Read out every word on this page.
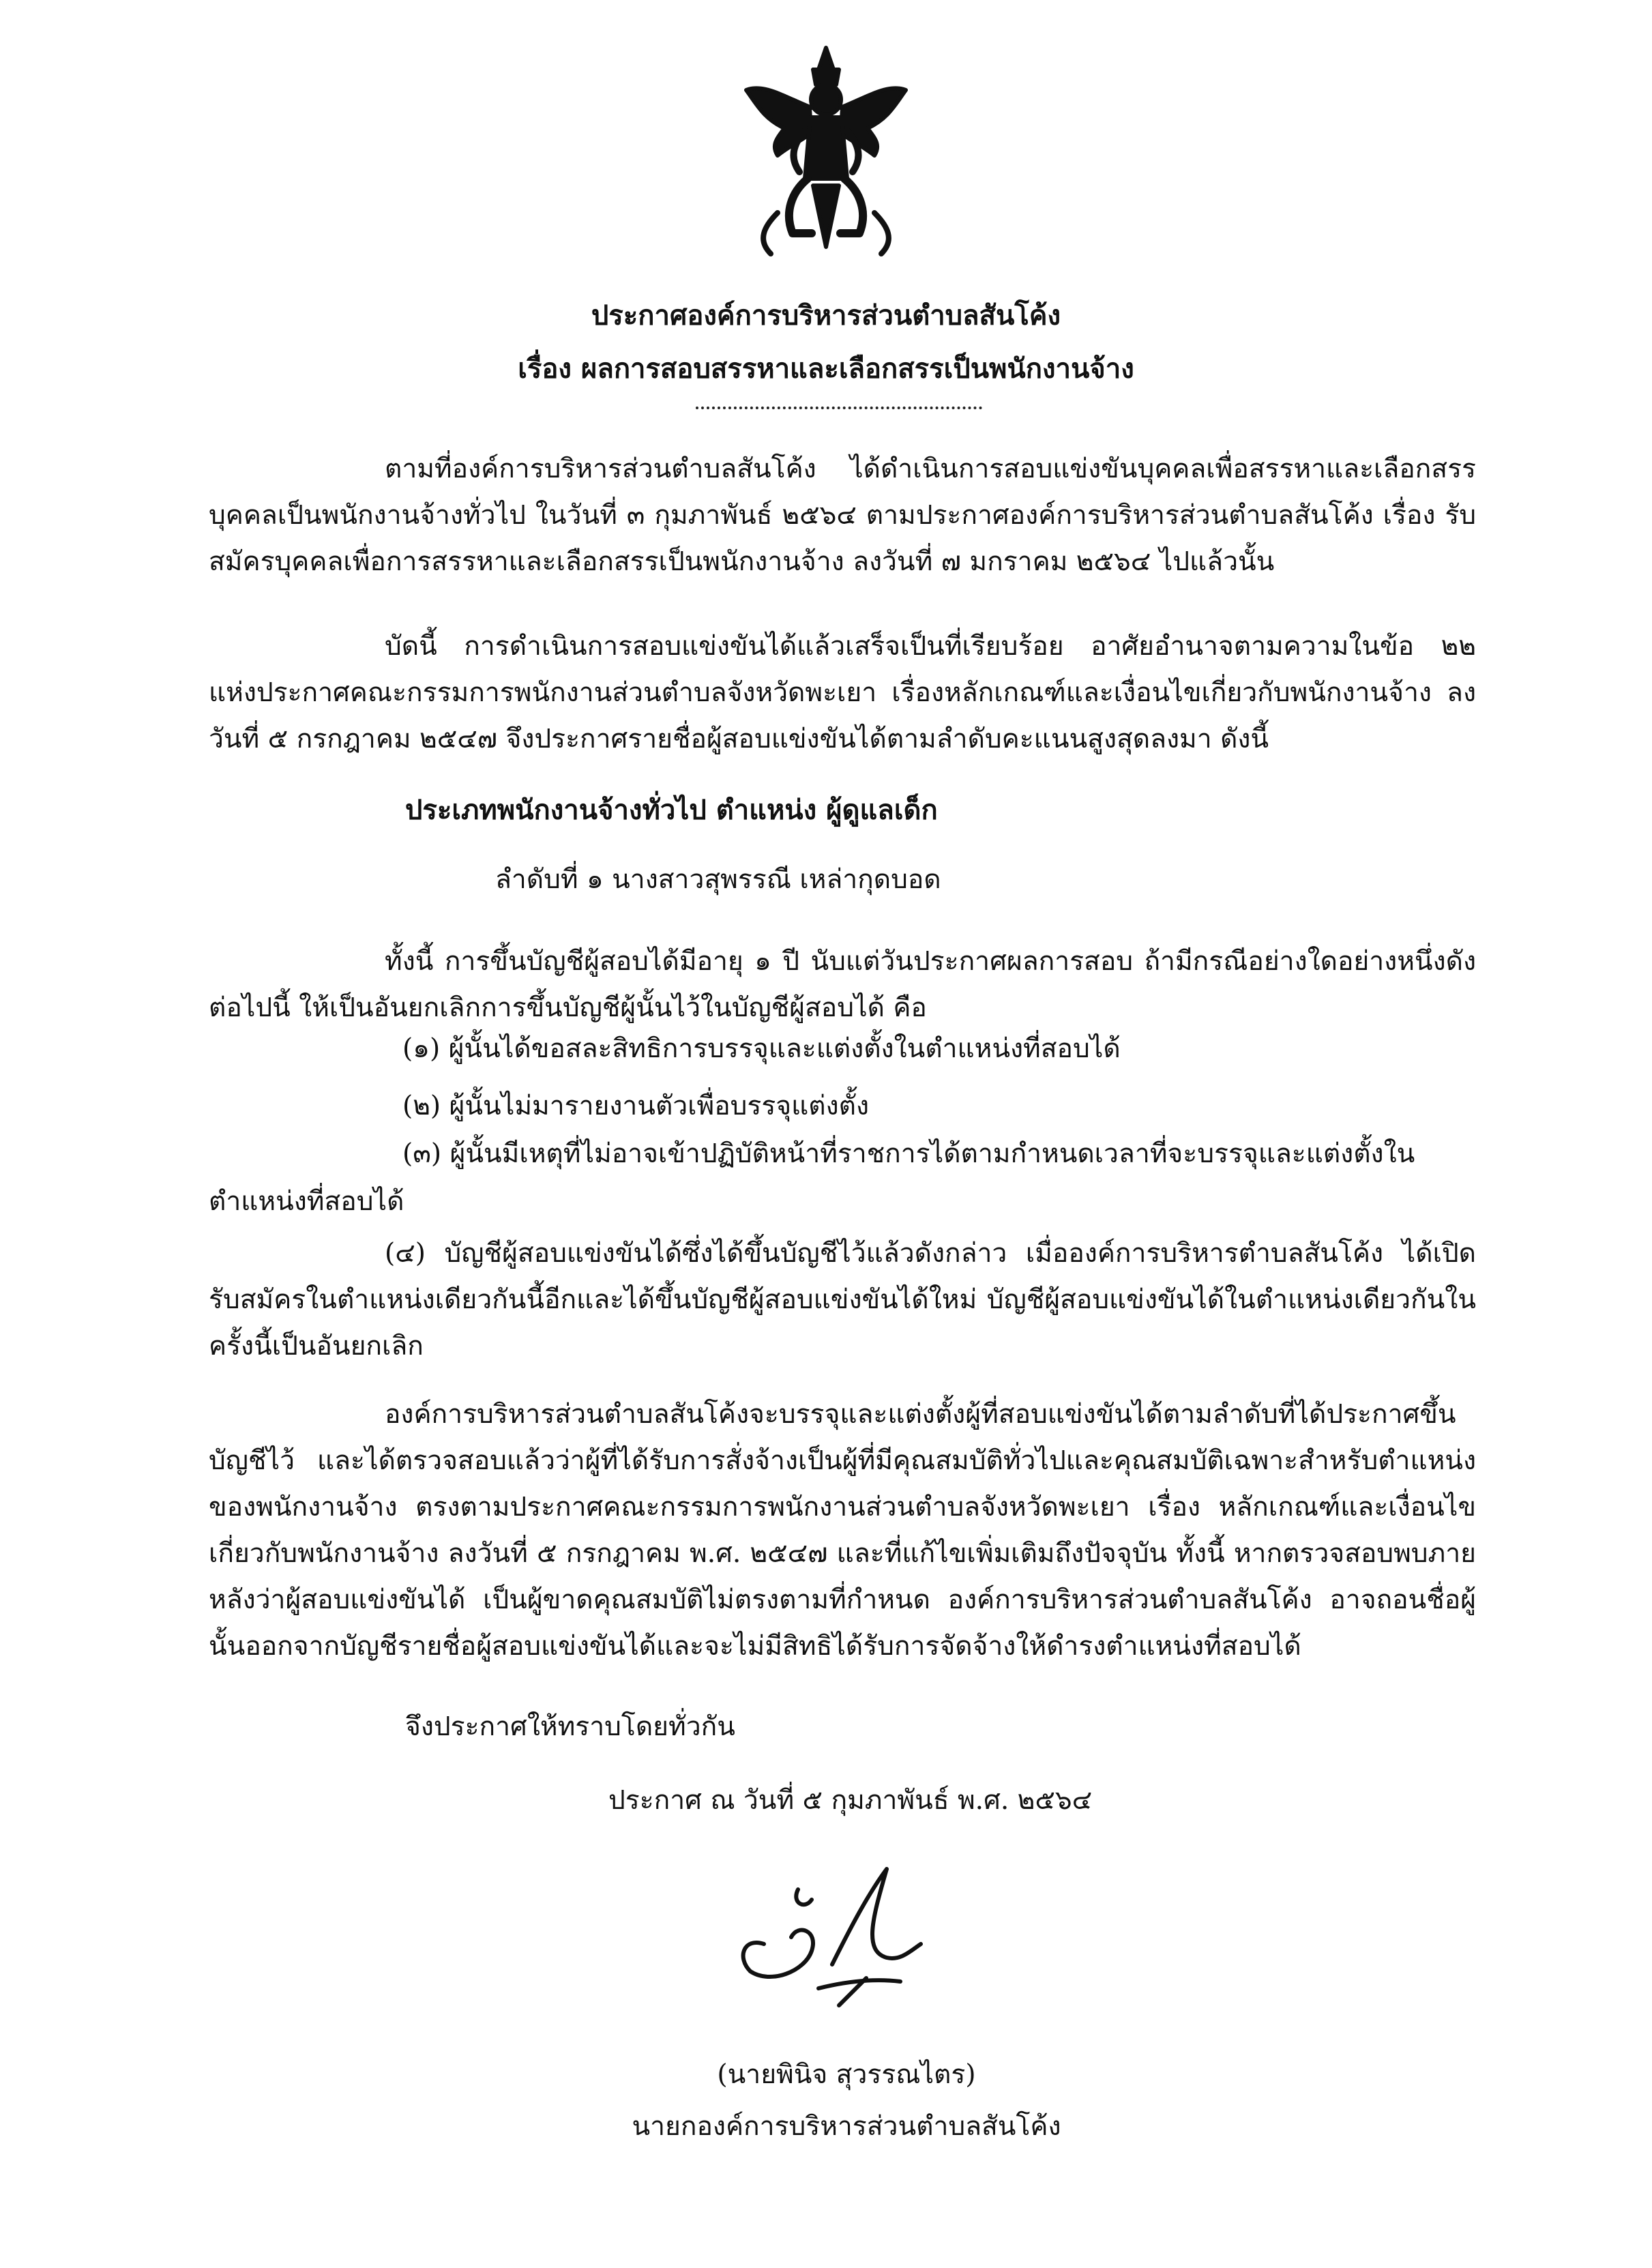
ประกาศองค์การบริหารส่วนตำบลสันโค้ง
เรื่อง ผลการสอบสรรหาและเลือกสรรเป็นพนักงานจ้าง

ตามที่องค์การบริหารส่วนตำบลสันโค้ง ได้ดำเนินการสอบแข่งขันบุคคลเพื่อสรรหาและเลือกสรรบุคคลเป็นพนักงานจ้างทั่วไป ในวันที่ ๓ กุมภาพันธ์ ๒๕๖๔ ตามประกาศองค์การบริหารส่วนตำบลสันโค้ง เรื่อง รับสมัครบุคคลเพื่อการสรรหาและเลือกสรรเป็นพนักงานจ้าง ลงวันที่ ๗ มกราคม ๒๕๖๔ ไปแล้วนั้น

บัดนี้ การดำเนินการสอบแข่งขันได้แล้วเสร็จเป็นที่เรียบร้อย อาศัยอำนาจตามความในข้อ ๒๒ แห่งประกาศคณะกรรมการพนักงานส่วนตำบลจังหวัดพะเยา เรื่องหลักเกณฑ์และเงื่อนไขเกี่ยวกับพนักงานจ้าง ลงวันที่ ๕ กรกฎาคม ๒๕๔๗ จึงประกาศรายชื่อผู้สอบแข่งขันได้ตามลำดับคะแนนสูงสุดลงมา ดังนี้

ประเภทพนักงานจ้างทั่วไป ตำแหน่ง ผู้ดูแลเด็ก
ลำดับที่ ๑ นางสาวสุพรรณี เหล่ากุดบอด

ทั้งนี้ การขึ้นบัญชีผู้สอบได้มีอายุ ๑ ปี นับแต่วันประกาศผลการสอบ ถ้ามีกรณีอย่างใดอย่างหนึ่งดังต่อไปนี้ ให้เป็นอันยกเลิกการขึ้นบัญชีผู้นั้นไว้ในบัญชีผู้สอบได้ คือ

(๑) ผู้นั้นได้ขอสละสิทธิการบรรจุและแต่งตั้งในตำแหน่งที่สอบได้
(๒) ผู้นั้นไม่มารายงานตัวเพื่อบรรจุแต่งตั้ง
(๓) ผู้นั้นมีเหตุที่ไม่อาจเข้าปฏิบัติหน้าที่ราชการได้ตามกำหนดเวลาที่จะบรรจุและแต่งตั้งใน
ตำแหน่งที่สอบได้

(๔) บัญชีผู้สอบแข่งขันได้ซึ่งได้ขึ้นบัญชีไว้แล้วดังกล่าว เมื่อองค์การบริหารตำบลสันโค้ง ได้เปิดรับสมัครในตำแหน่งเดียวกันนี้อีกและได้ขึ้นบัญชีผู้สอบแข่งขันได้ใหม่ บัญชีผู้สอบแข่งขันได้ในตำแหน่งเดียวกันในครั้งนี้เป็นอันยกเลิก

องค์การบริหารส่วนตำบลสันโค้งจะบรรจุและแต่งตั้งผู้ที่สอบแข่งขันได้ตามลำดับที่ได้ประกาศขึ้นบัญชีไว้ และได้ตรวจสอบแล้วว่าผู้ที่ได้รับการสั่งจ้างเป็นผู้ที่มีคุณสมบัติทั่วไปและคุณสมบัติเฉพาะสำหรับตำแหน่งของพนักงานจ้าง ตรงตามประกาศคณะกรรมการพนักงานส่วนตำบลจังหวัดพะเยา เรื่อง หลักเกณฑ์และเงื่อนไขเกี่ยวกับพนักงานจ้าง ลงวันที่ ๕ กรกฎาคม พ.ศ. ๒๕๔๗ และที่แก้ไขเพิ่มเติมถึงปัจจุบัน ทั้งนี้ หากตรวจสอบพบภายหลังว่าผู้สอบแข่งขันได้ เป็นผู้ขาดคุณสมบัติไม่ตรงตามที่กำหนด องค์การบริหารส่วนตำบลสันโค้ง อาจถอนชื่อผู้นั้นออกจากบัญชีรายชื่อผู้สอบแข่งขันได้และจะไม่มีสิทธิได้รับการจัดจ้างให้ดำรงตำแหน่งที่สอบได้

จึงประกาศให้ทราบโดยทั่วกัน
ประกาศ ณ วันที่ ๕ กุมภาพันธ์ พ.ศ. ๒๕๖๔
(นายพินิจ สุวรรณไตร)
นายกองค์การบริหารส่วนตำบลสันโค้ง
